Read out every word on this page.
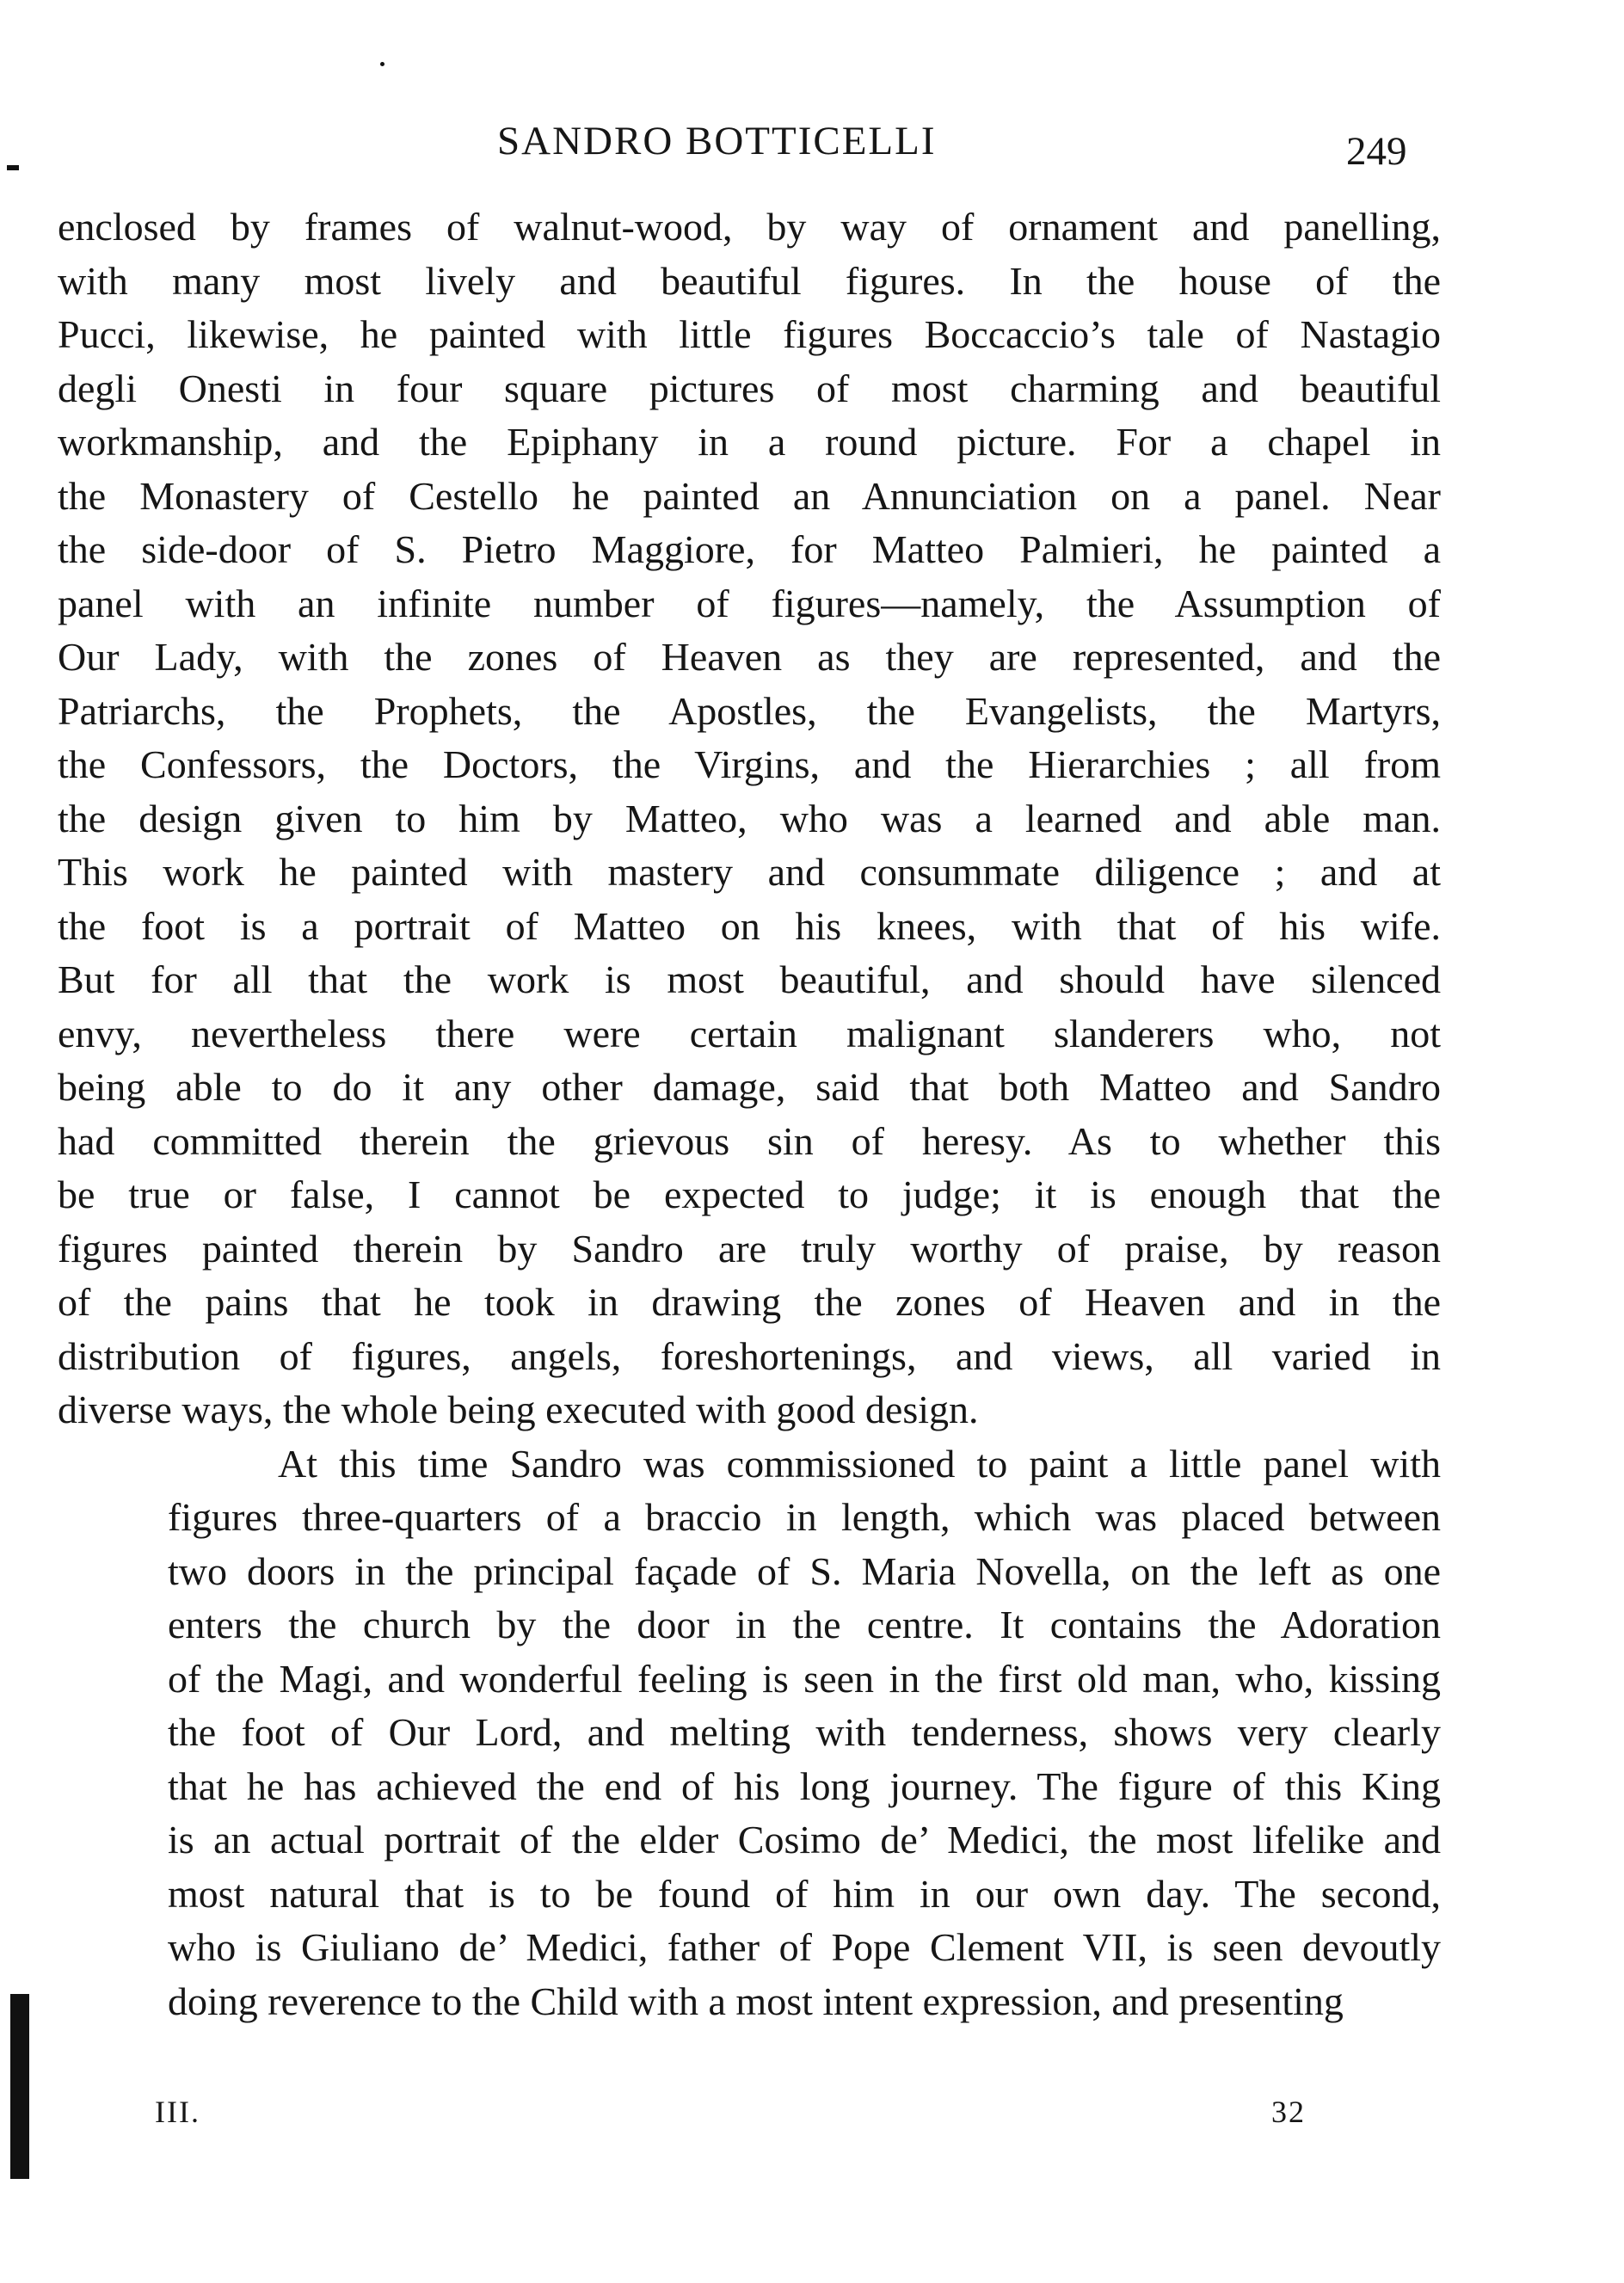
SANDRO BOTTICELLI	249
enclosed by frames of walnut-wood, by way of ornament and panelling,
with many most lively and beautiful figures. In the house of the
Pucci, likewise, he painted with little figures Boccaccio’s tale of Nastagio
degli Onesti in four square pictures of most charming and beautiful
workmanship, and the Epiphany in a round picture. For a chapel in
the Monastery of Cestello he painted an Annunciation on a panel. Near
the side-door of S. Pietro Maggiore, for Matteo Palmieri, he painted a
panel with an infinite number of figures—namely, the Assumption of
Our Lady, with the zones of Heaven as they are represented, and the
Patriarchs, the Prophets, the Apostles, the Evangelists, the Martyrs,
the Confessors, the Doctors, the Virgins, and the Hierarchies ; all from
the design given to him by Matteo, who was a learned and able man.
This work he painted with mastery and consummate diligence ; and at
the foot is a portrait of Matteo on his knees, with that of his wife.
But for all that the work is most beautiful, and should have silenced
envy, nevertheless there were certain malignant slanderers who, not
being able to do it any other damage, said that both Matteo and Sandro
had committed therein the grievous sin of heresy. As to whether this
be true or false, I cannot be expected to judge; it is enough that the
figures painted therein by Sandro are truly worthy of praise, by reason
of the pains that he took in drawing the zones of Heaven and in the
distribution of figures, angels, foreshortenings, and views, all varied in
diverse ways, the whole being executed with good design.
At this time Sandro was commissioned to paint a little panel with
figures three-quarters of a braccio in length, which was placed between
two doors in the principal façade of S. Maria Novella, on the left as one
enters the church by the door in the centre. It contains the Adoration
of the Magi, and wonderful feeling is seen in the first old man, who, kissing
the foot of Our Lord, and melting with tenderness, shows very clearly
that he has achieved the end of his long journey. The figure of this King
is an actual portrait of the elder Cosimo de’ Medici, the most lifelike and
most natural that is to be found of him in our own day. The second,
who is Giuliano de’ Medici, father of Pope Clement VII, is seen devoutly
doing reverence to the Child with a most intent expression, and presenting
III.	32
